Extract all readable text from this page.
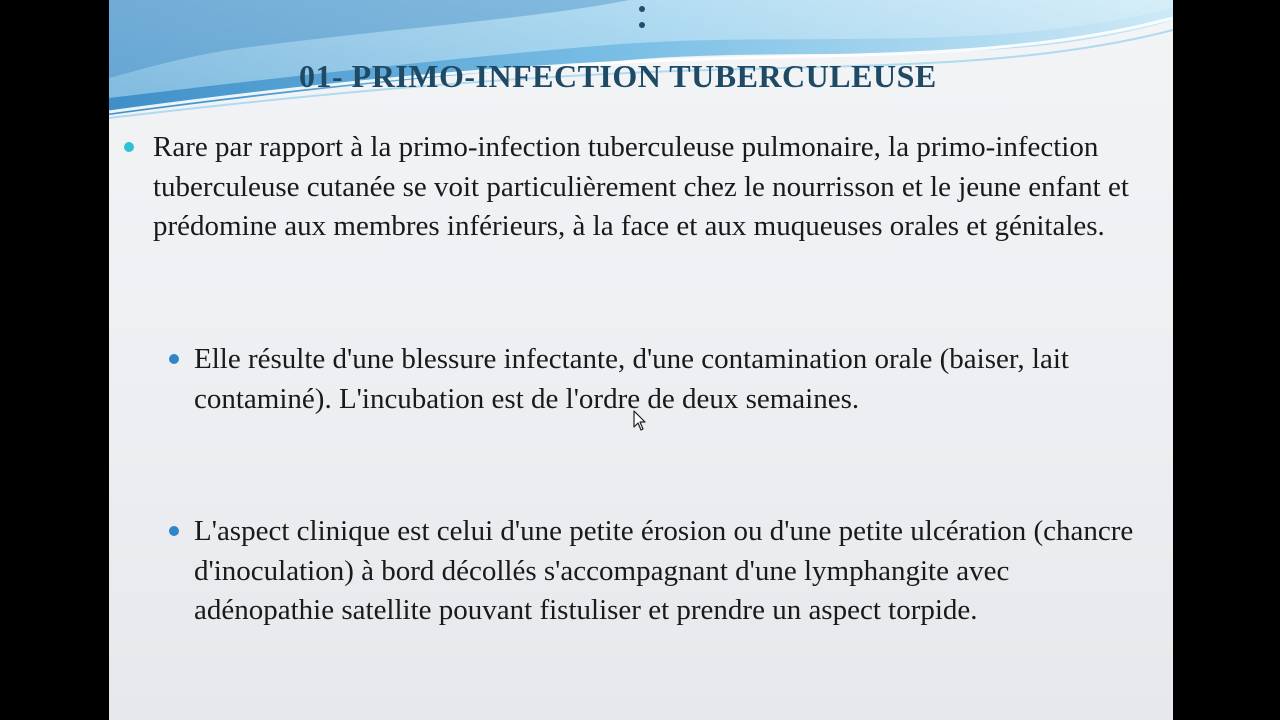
01- PRIMO-INFECTION TUBERCULEUSE

Rare par rapport à la primo-infection tuberculeuse pulmonaire, la primo-infection tuberculeuse cutanée se voit particulièrement chez le nourrisson et le jeune enfant et prédomine aux membres inférieurs, à la face et aux muqueuses orales et génitales.

Elle résulte d'une blessure infectante, d'une contamination orale (baiser, lait contaminé). L'incubation est de l'ordre de deux semaines.

L'aspect clinique est celui d'une petite érosion ou d'une petite ulcération (chancre d'inoculation) à bord décollés s'accompagnant d'une lymphangite avec adénopathie satellite pouvant fistuliser et prendre un aspect torpide.
